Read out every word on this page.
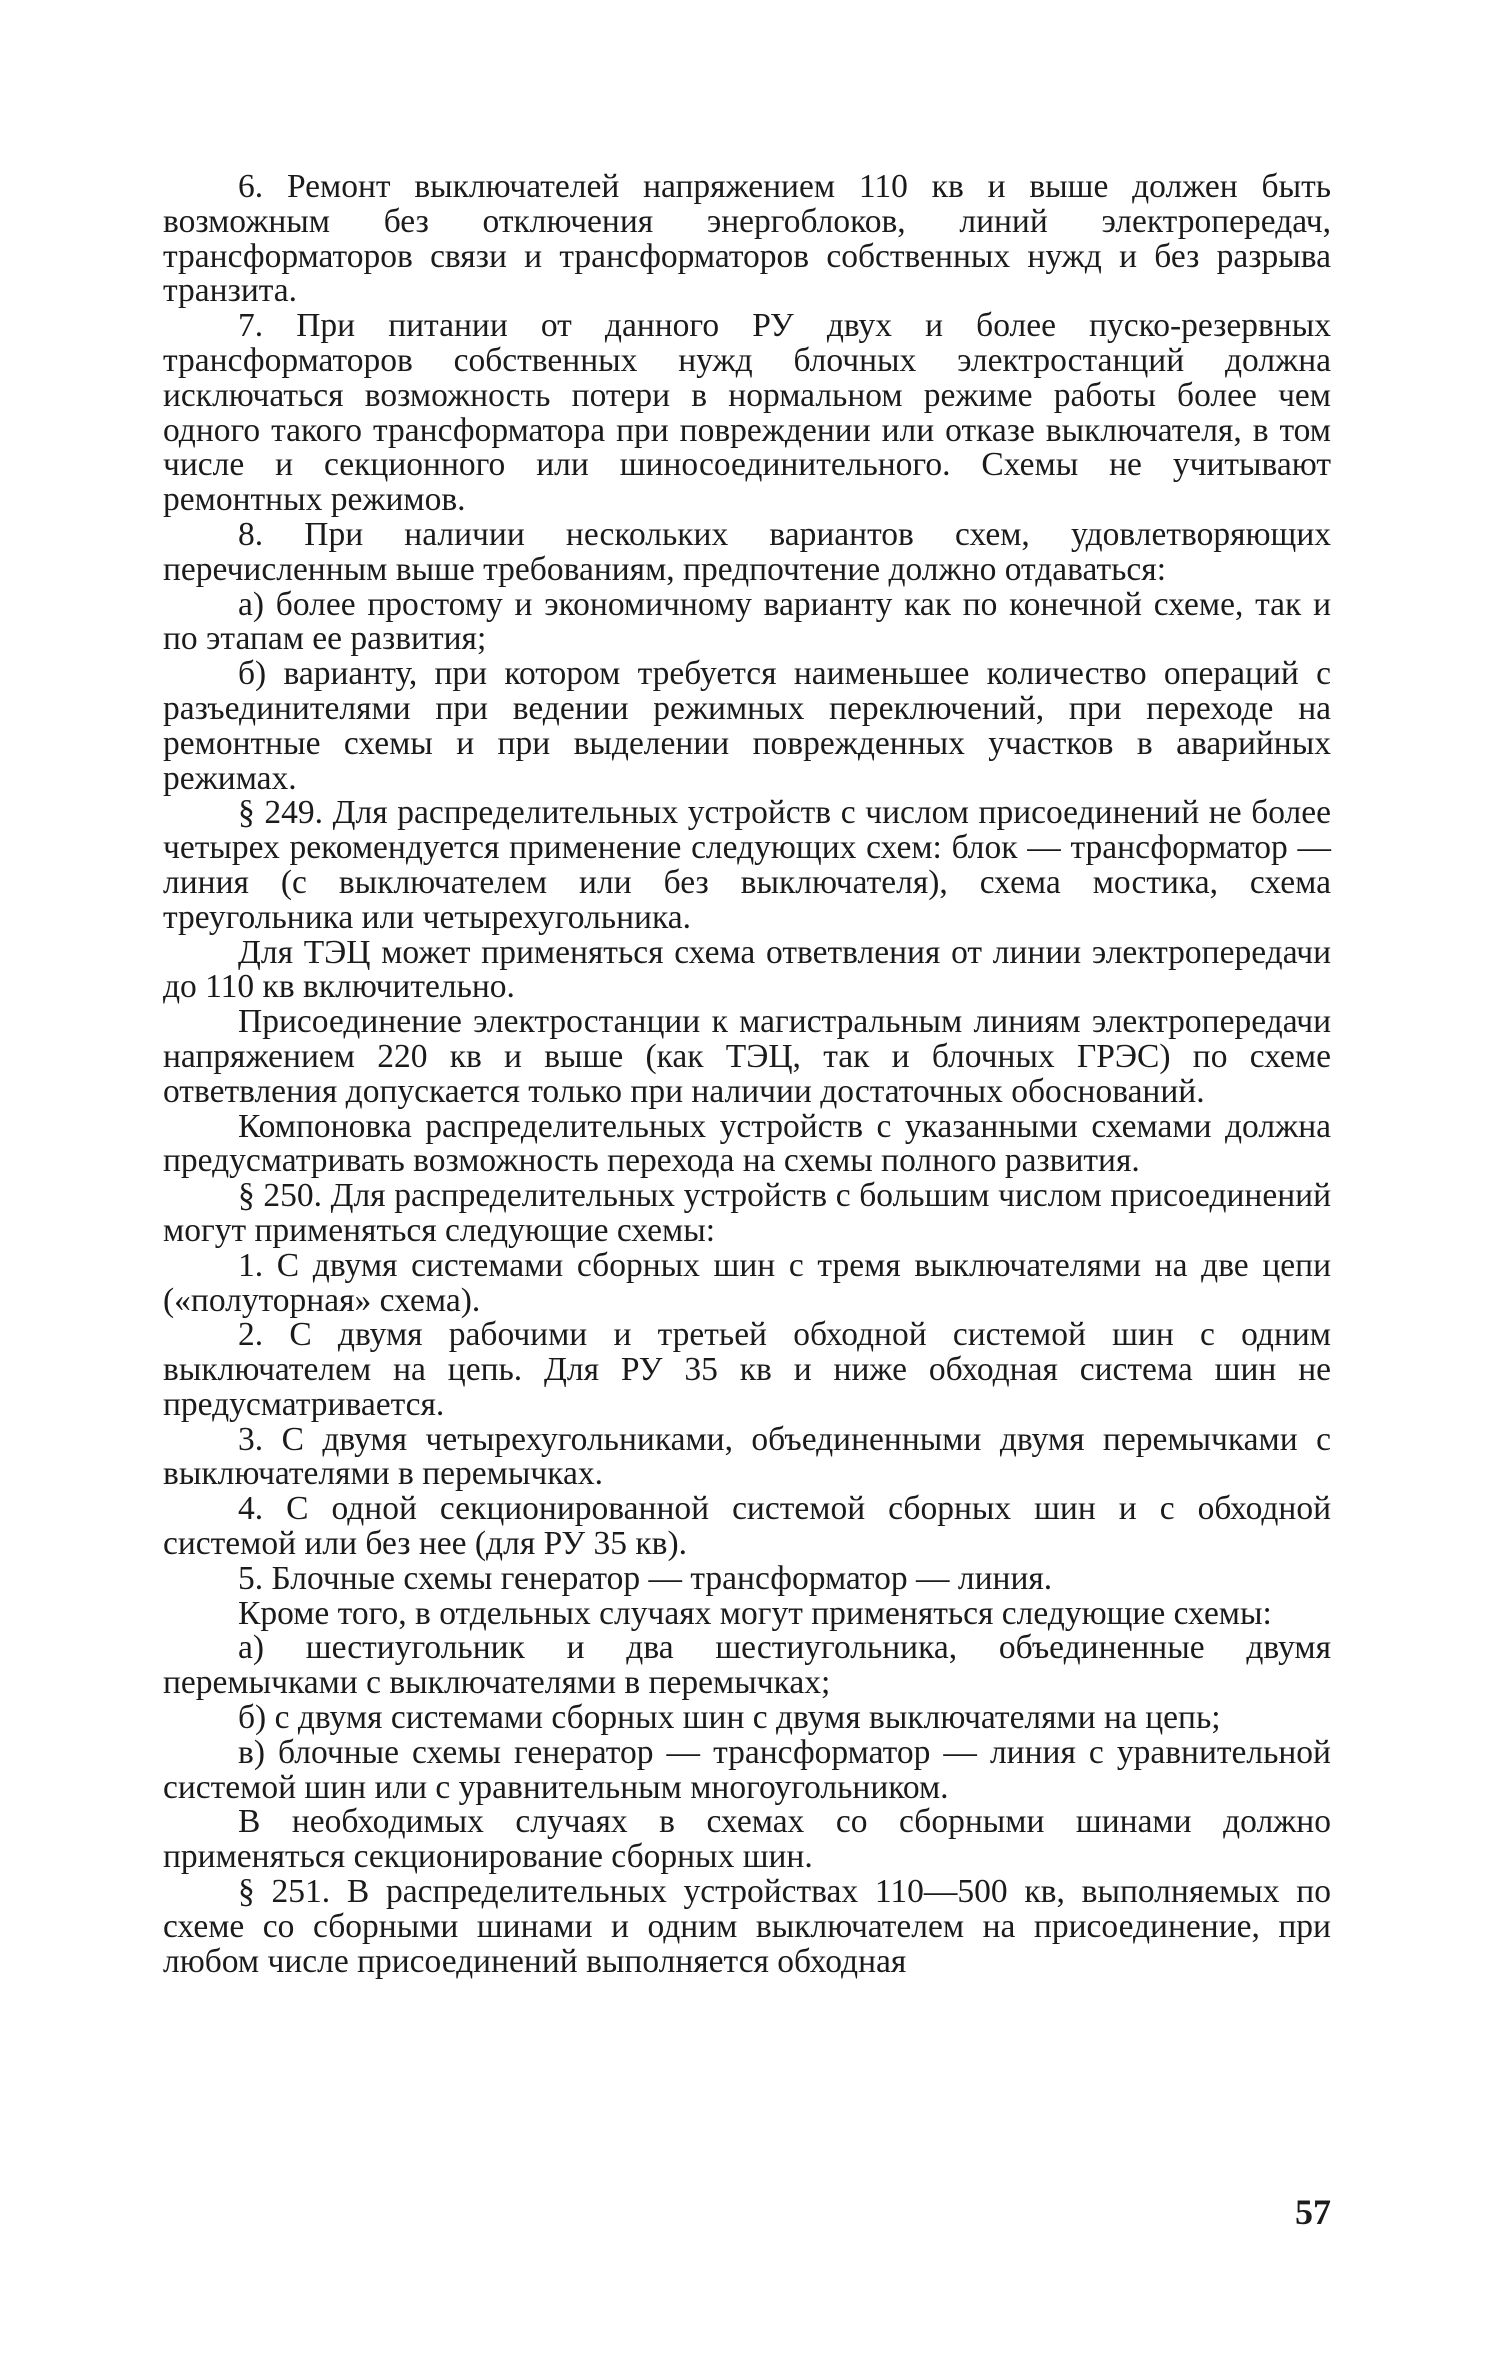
6. Ремонт выключателей напряжением 110 кв и выше должен быть возможным без отключения энергоблоков, линий электропередач, трансформаторов связи и трансформаторов собственных нужд и без разрыва транзита.

7. При питании от данного РУ двух и более пуско-резервных трансформаторов собственных нужд блочных электростанций должна исключаться возможность потери в нормальном режиме работы более чем одного такого трансформатора при повреждении или отказе выключателя, в том числе и секционного или шиносоединительного. Схемы не учитывают ремонтных режимов.

8. При наличии нескольких вариантов схем, удовлетворяющих перечисленным выше требованиям, предпочтение должно отдаваться:

а) более простому и экономичному варианту как по конечной схеме, так и по этапам ее развития;

б) варианту, при котором требуется наименьшее количество операций с разъединителями при ведении режимных переключений, при переходе на ремонтные схемы и при выделении поврежденных участков в аварийных режимах.

§ 249. Для распределительных устройств с числом присоединений не более четырех рекомендуется применение следующих схем: блок — трансформатор — линия (с выключателем или без выключателя), схема мостика, схема треугольника или четырехугольника.

Для ТЭЦ может применяться схема ответвления от линии электропередачи до 110 кв включительно.

Присоединение электростанции к магистральным линиям электропередачи напряжением 220 кв и выше (как ТЭЦ, так и блочных ГРЭС) по схеме ответвления допускается только при наличии достаточных обоснований.

Компоновка распределительных устройств с указанными схемами должна предусматривать возможность перехода на схемы полного развития.

§ 250. Для распределительных устройств с большим числом присоединений могут применяться следующие схемы:

1. С двумя системами сборных шин с тремя выключателями на две цепи («полуторная» схема).

2. С двумя рабочими и третьей обходной системой шин с одним выключателем на цепь. Для РУ 35 кв и ниже обходная система шин не предусматривается.

3. С двумя четырехугольниками, объединенными двумя перемычками с выключателями в перемычках.

4. С одной секционированной системой сборных шин и с обходной системой или без нее (для РУ 35 кв).

5. Блочные схемы генератор — трансформатор — линия.

Кроме того, в отдельных случаях могут применяться следующие схемы:

а) шестиугольник и два шестиугольника, объединенные двумя перемычками с выключателями в перемычках;

б) с двумя системами сборных шин с двумя выключателями на цепь;

в) блочные схемы генератор — трансформатор — линия с уравнительной системой шин или с уравнительным многоугольником.

В необходимых случаях в схемах со сборными шинами должно применяться секционирование сборных шин.

§ 251. В распределительных устройствах 110—500 кв, выполняемых по схеме со сборными шинами и одним выключателем на присоединение, при любом числе присоединений выполняется обходная

57
